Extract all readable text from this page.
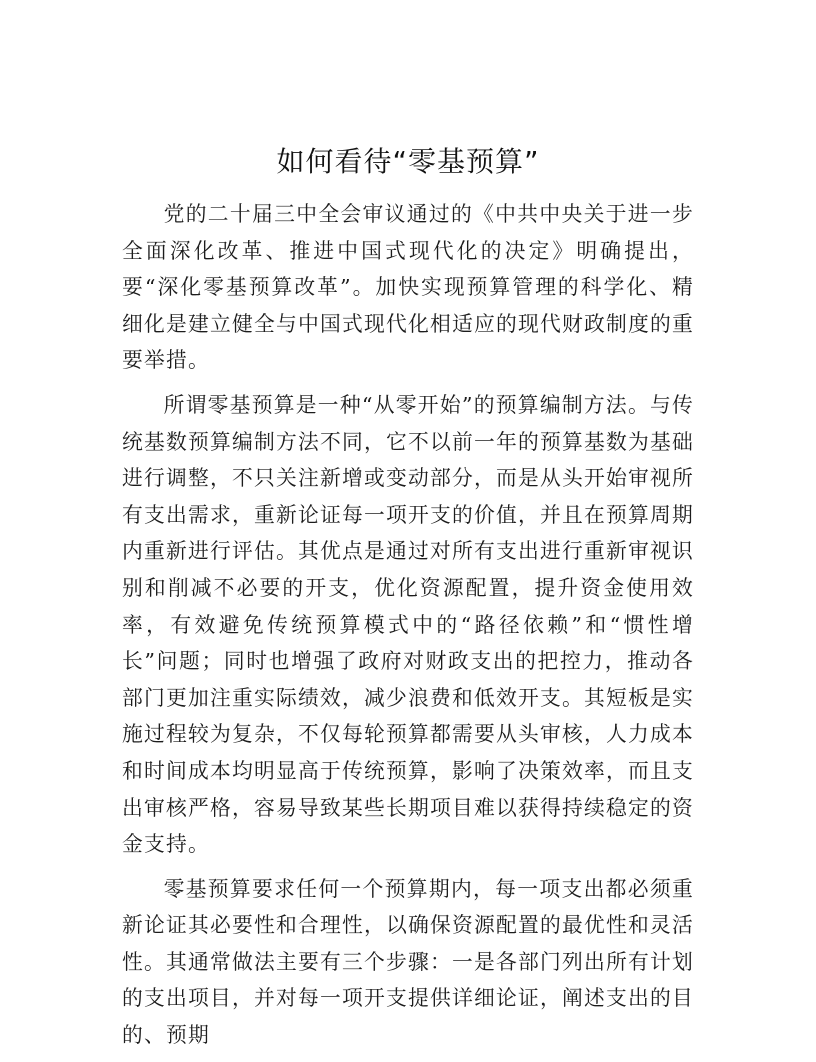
如何看待“零基预算”

党的二十届三中全会审议通过的《中共中央关于进一步全面深化改革、推进中国式现代化的决定》明确提出，要“深化零基预算改革”。加快实现预算管理的科学化、精细化是建立健全与中国式现代化相适应的现代财政制度的重要举措。

所谓零基预算是一种“从零开始”的预算编制方法。与传统基数预算编制方法不同，它不以前一年的预算基数为基础进行调整，不只关注新增或变动部分，而是从头开始审视所有支出需求，重新论证每一项开支的价值，并且在预算周期内重新进行评估。其优点是通过对所有支出进行重新审视识别和削减不必要的开支，优化资源配置，提升资金使用效率，有效避免传统预算模式中的“路径依赖”和“惯性增长”问题；同时也增强了政府对财政支出的把控力，推动各部门更加注重实际绩效，减少浪费和低效开支。其短板是实施过程较为复杂，不仅每轮预算都需要从头审核，人力成本和时间成本均明显高于传统预算，影响了决策效率，而且支出审核严格，容易导致某些长期项目难以获得持续稳定的资金支持。

零基预算要求任何一个预算期内，每一项支出都必须重新论证其必要性和合理性，以确保资源配置的最优性和灵活性。其通常做法主要有三个步骤：一是各部门列出所有计划的支出项目，并对每一项开支提供详细论证，阐述支出的目的、预期
